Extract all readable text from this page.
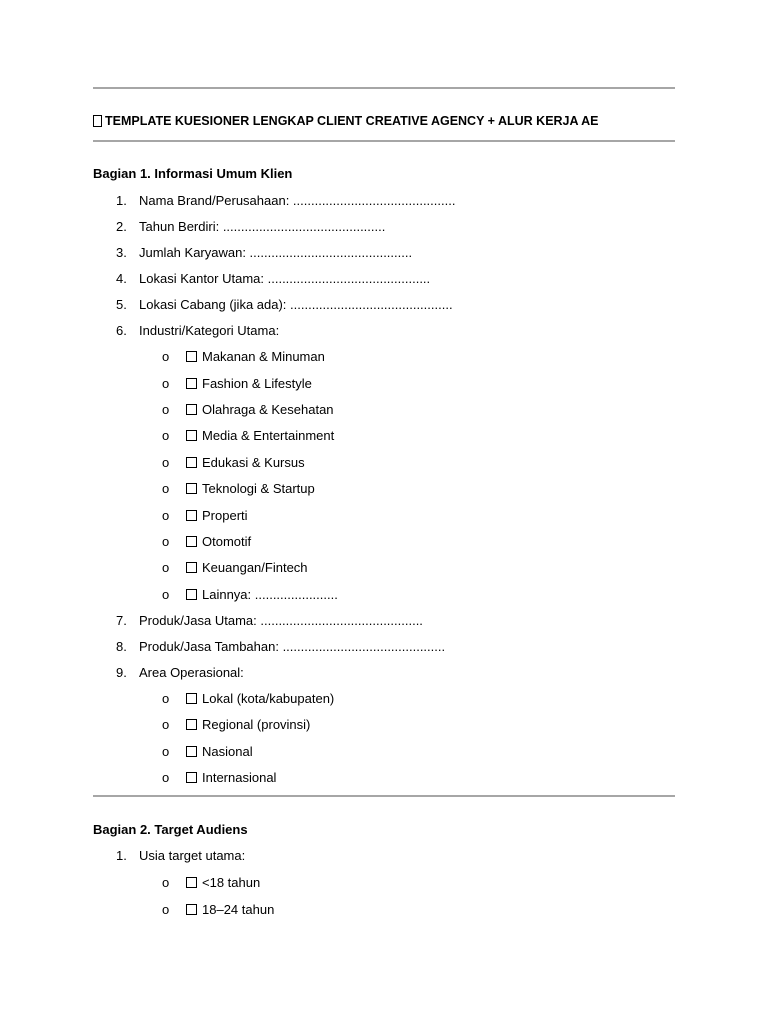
TEMPLATE KUESIONER LENGKAP CLIENT CREATIVE AGENCY + ALUR KERJA AE
Bagian 1. Informasi Umum Klien
1. Nama Brand/Perusahaan: .............................................
2. Tahun Berdiri: .............................................
3. Jumlah Karyawan: .............................................
4. Lokasi Kantor Utama: .............................................
5. Lokasi Cabang (jika ada): .............................................
6. Industri/Kategori Utama:
o	Makanan & Minuman
o	Fashion & Lifestyle
o	Olahraga & Kesehatan
o	Media & Entertainment
o	Edukasi & Kursus
o	Teknologi & Startup
o	Properti
o	Otomotif
o	Keuangan/Fintech
o	Lainnya: .......................
7. Produk/Jasa Utama: .............................................
8. Produk/Jasa Tambahan: .............................................
9. Area Operasional:
o	Lokal (kota/kabupaten)
o	Regional (provinsi)
o	Nasional
o	Internasional
Bagian 2. Target Audiens
1. Usia target utama:
o	<18 tahun
o	18–24 tahun
